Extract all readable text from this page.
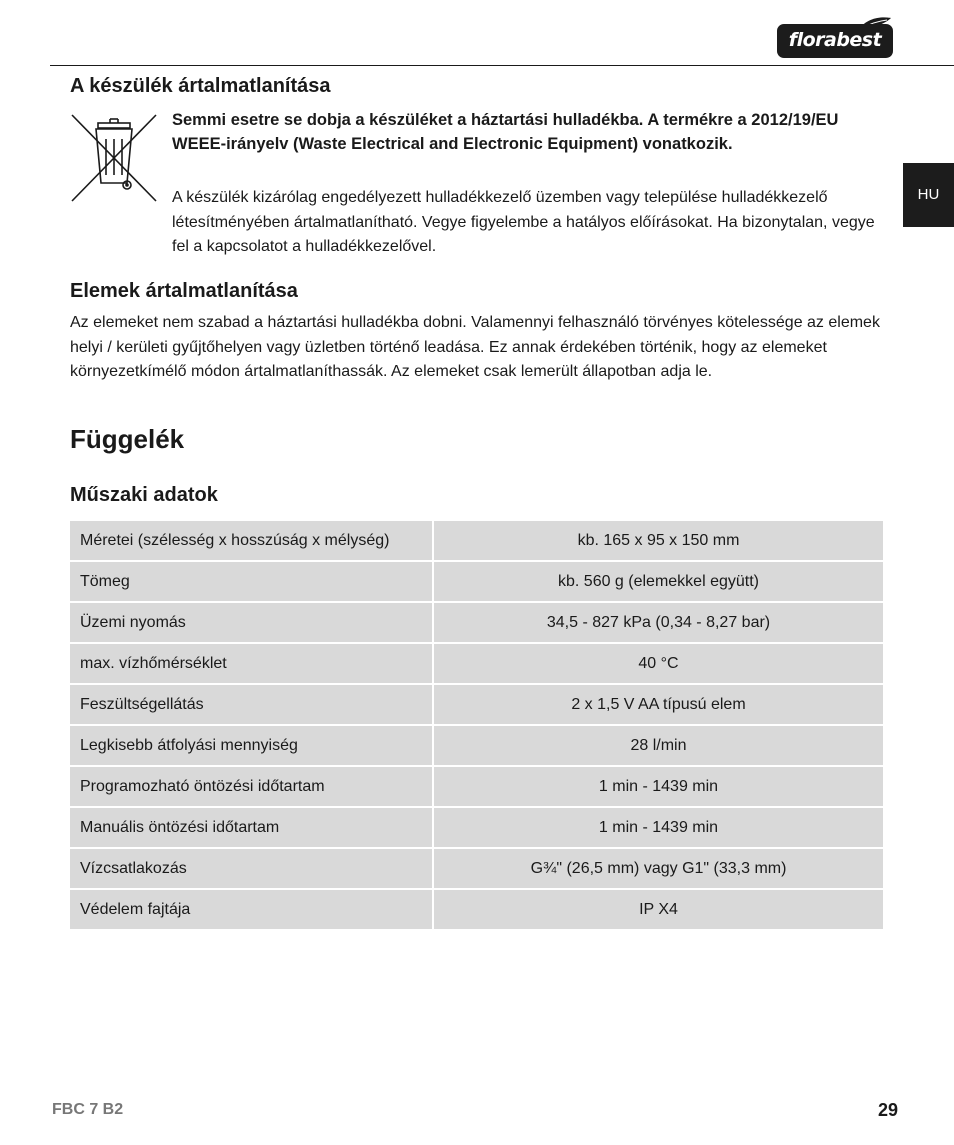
florabest
HU
A készülék ártalmatlanítása

Semmi esetre se dobja a készüléket a háztartási hulladékba. A termékre a 2012/19/EU WEEE-irányelv (Waste Electrical and Electronic Equipment) vonatkozik.

A készülék kizárólag engedélyezett hulladékkezelő üzemben vagy települése hulladékkezelő létesítményében ártalmatlanítható. Vegye figyelembe a hatályos előírásokat. Ha bizonytalan, vegye fel a kapcsolatot a hulladékkezelővel.

Elemek ártalmatlanítása

Az elemeket nem szabad a háztartási hulladékba dobni. Valamennyi felhasználó törvényes kötelessége az elemek helyi / kerületi gyűjtőhelyen vagy üzletben történő leadása. Ez annak érdekében történik, hogy az elemeket környezetkímélő módon ártalmatlaníthassák. Az elemeket csak lemerült állapotban adja le.

Függelék
Műszaki adatok
Méretei (szélesség x hosszúság x mélység)	kb. 165 x 95 x 150 mm
Tömeg	kb. 560 g (elemekkel együtt)
Üzemi nyomás	34,5 - 827 kPa (0,34 - 8,27 bar)
max. vízhőmérséklet	40 °C
Feszültségellátás	2 x 1,5 V AA típusú elem
Legkisebb átfolyási mennyiség	28 l/min
Programozható öntözési időtartam	1 min - 1439 min
Manuális öntözési időtartam	1 min - 1439 min
Vízcsatlakozás	G¾" (26,5 mm) vagy G1" (33,3 mm)
Védelem fajtája	IP X4
FBC 7 B2	29
